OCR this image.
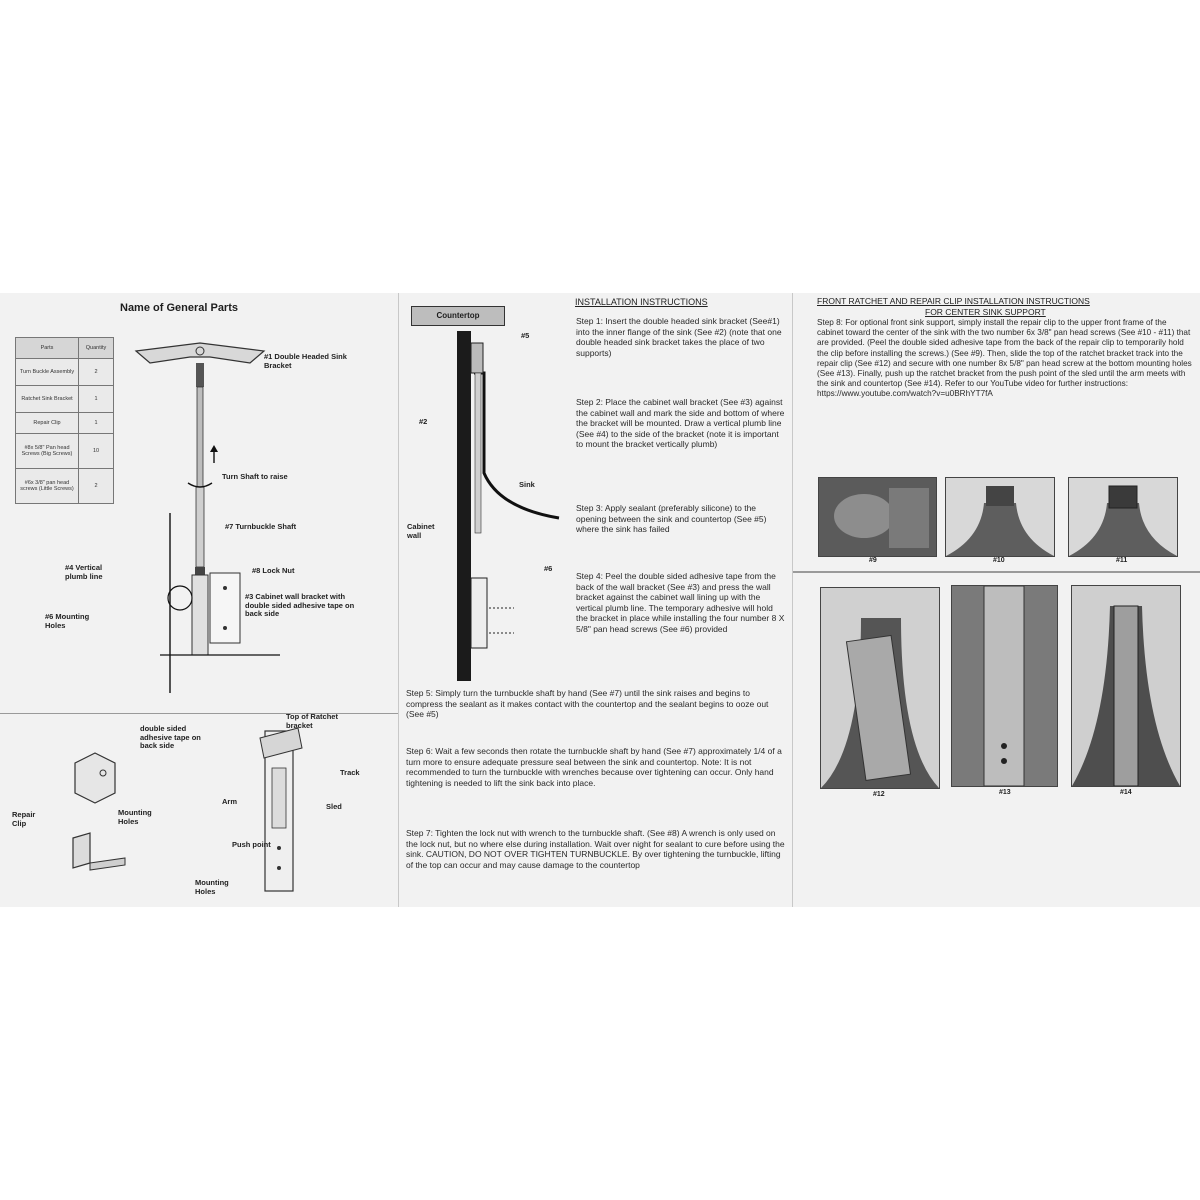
Name of General Parts
Parts	Quantity
Turn Buckle Assembly	2
Ratchet Sink Bracket	1
Repair Clip	1
#8x 5/8" Pan head Screws (Big Screws)	10
#6x 3/8" pan head screws (Little Screws)	2
#1 Double Headed Sink Bracket
Turn Shaft to raise
#7 Turnbuckle Shaft
#4 Vertical plumb line
#8 Lock Nut
#3 Cabinet wall bracket with double sided adhesive tape on back side
#6 Mounting Holes
double sided adhesive tape on back side
Repair Clip
Mounting Holes
Top of Ratchet bracket
Track
Arm
Sled
Push point
Mounting Holes
Countertop
#5
#2
Sink
Cabinet wall
#6
INSTALLATION INSTRUCTIONS
Step 1: Insert the double headed sink bracket (See#1) into the inner flange of the sink (See #2) (note that one double headed sink bracket takes the place of two supports)
Step 2: Place the cabinet wall bracket (See #3) against the cabinet wall and mark the side and bottom of where the bracket will be mounted. Draw a vertical plumb line (See #4) to the side of the bracket (note it is important to mount the bracket vertically plumb)
Step 3: Apply sealant (preferably silicone) to the opening between the sink and countertop (See #5) where the sink has failed
Step 4: Peel the double sided adhesive tape from the back of the wall bracket (See #3) and press the wall bracket against the cabinet wall lining up with the vertical plumb line. The temporary adhesive will hold the bracket in place while installing the four number 8 X 5/8" pan head screws (See #6) provided
Step 5: Simply turn the turnbuckle shaft by hand (See #7) until the sink raises and begins to compress the sealant as it makes contact with the countertop and the sealant begins to ooze out (See #5)
Step 6: Wait a few seconds then rotate the turnbuckle shaft by hand (See #7) approximately 1/4 of a turn more to ensure adequate pressure seal between the sink and countertop. Note: It is not recommended to turn the turnbuckle with wrenches because over tightening can occur. Only hand tightening is needed to lift the sink back into place.
Step 7: Tighten the lock nut with wrench to the turnbuckle shaft. (See #8) A wrench is only used on the lock nut, but no where else during installation. Wait over night for sealant to cure before using the sink. CAUTION, DO NOT OVER TIGHTEN TURNBUCKLE. By over tightening the turnbuckle, lifting of the top can occur and may cause damage to the countertop
FRONT RATCHET AND REPAIR CLIP INSTALLATION INSTRUCTIONS
FOR CENTER SINK SUPPORT
Step 8: For optional front sink support, simply install the repair clip to the upper front frame of the cabinet toward the center of the sink with the two number 6x 3/8" pan head screws (See #10 - #11) that are provided. (Peel the double sided adhesive tape from the back of the repair clip to temporarily hold the clip before installing the screws.) (See #9). Then, slide the top of the ratchet bracket track into the repair clip (See #12) and secure with one number 8x 5/8" pan head screw at the bottom mounting holes (See #13). Finally, push up the ratchet bracket from the push point of the sled until the arm meets with the sink and countertop (See #14). Refer to our YouTube video for further instructions: https://www.youtube.com/watch?v=u0BRhYT7fA
#9	#10	#11
#12	#13	#14
